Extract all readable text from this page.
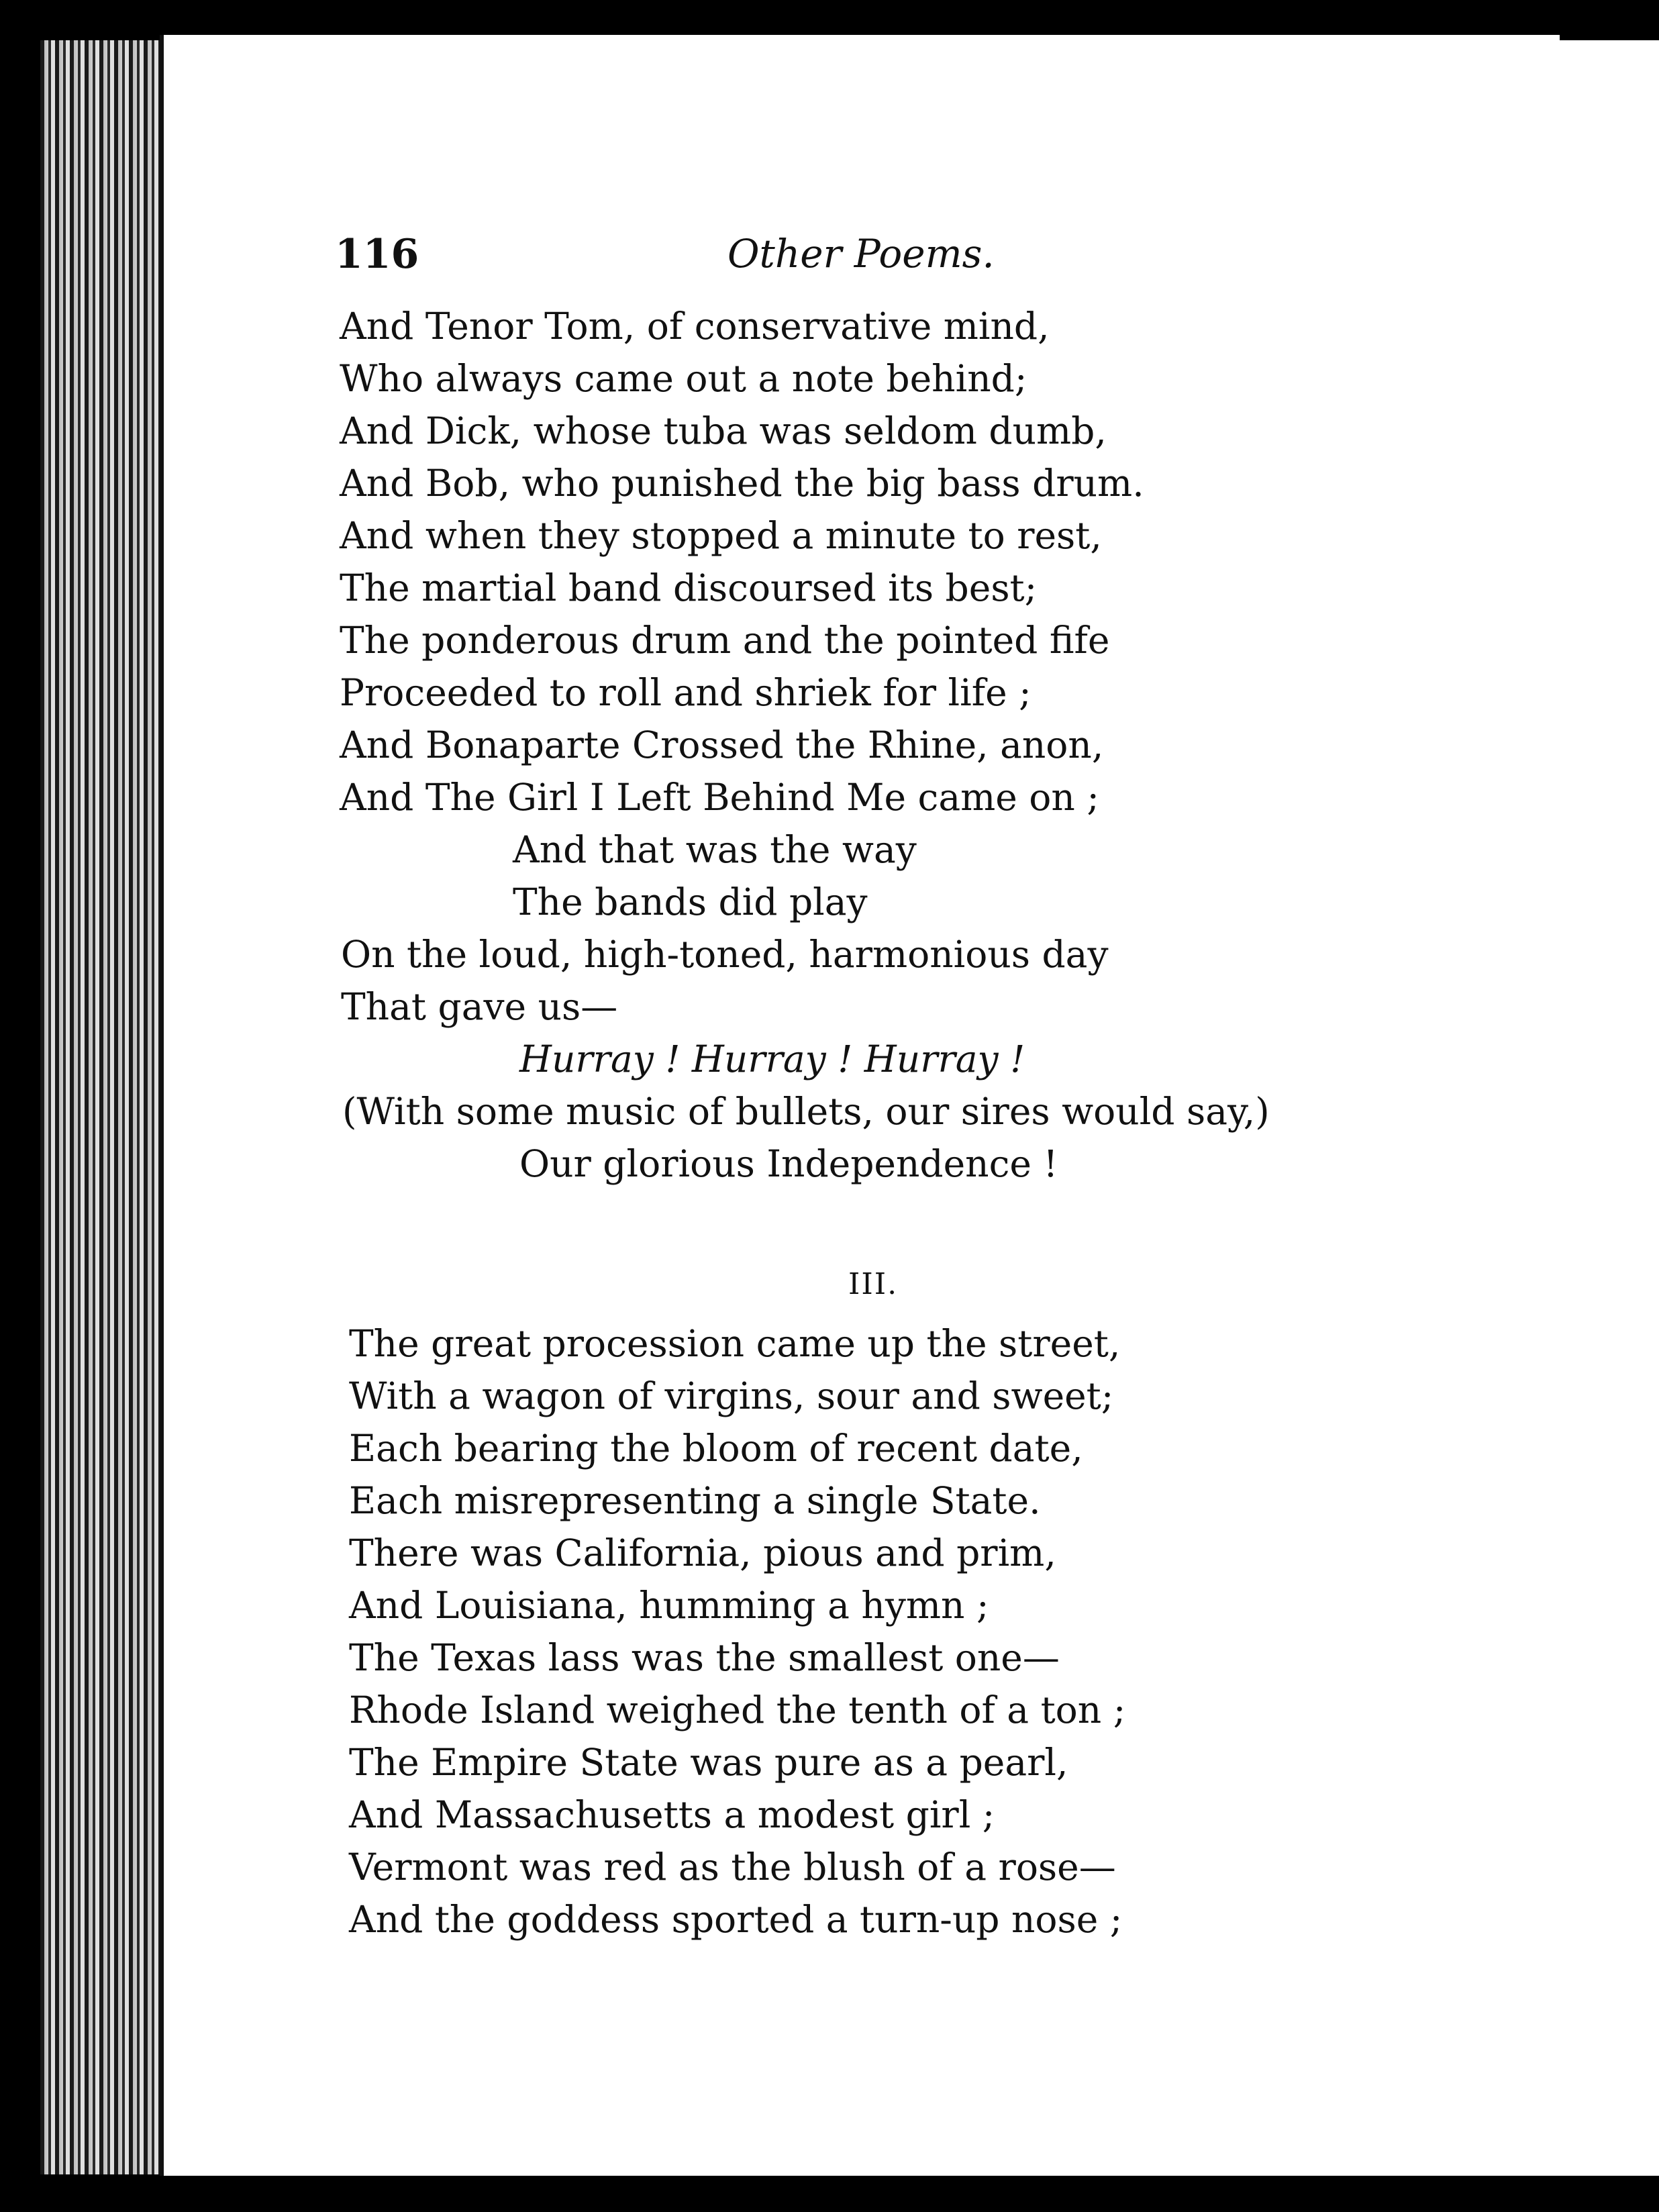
116	Other Poems.
And Tenor Tom, of conservative mind,
Who always came out a note behind;
And Dick, whose tuba was seldom dumb,
And Bob, who punished the big bass drum.
And when they stopped a minute to rest,
The martial band discoursed its best;
The ponderous drum and the pointed fife
Proceeded to roll and shriek for life ;
And Bonaparte Crossed the Rhine, anon,
And The Girl I Left Behind Me came on ;
And that was the way
The bands did play
On the loud, high-toned, harmonious day
That gave us—
Hurray ! Hurray ! Hurray !
(With some music of bullets, our sires would say,)
Our glorious Independence !
III.
The great procession came up the street,
With a wagon of virgins, sour and sweet;
Each bearing the bloom of recent date,
Each misrepresenting a single State.
There was California, pious and prim,
And Louisiana, humming a hymn ;
The Texas lass was the smallest one—
Rhode Island weighed the tenth of a ton ;
The Empire State was pure as a pearl,
And Massachusetts a modest girl ;
Vermont was red as the blush of a rose—
And the goddess sported a turn-up nose ;
